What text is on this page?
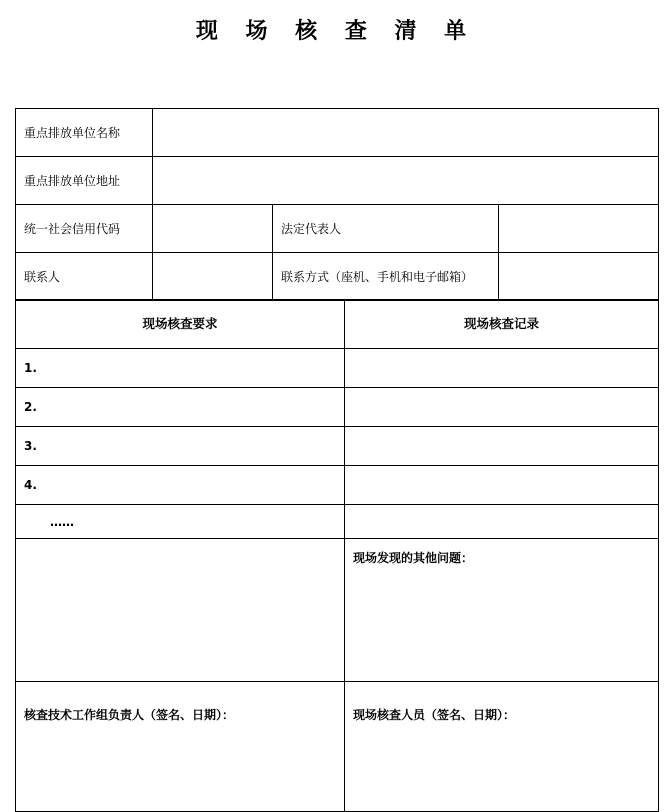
现 场 核 查 清 单
重点排放单位名称			
重点排放单位地址			
统一社会信用代码		法定代表人	
联系人		联系方式（座机、手机和电子邮箱）	
现场核查要求	现场核查记录
1.	
2.	
3.	
4.	
……	
	现场发现的其他问题：
核查技术工作组负责人（签名、日期）：	现场核查人员（签名、日期）：
